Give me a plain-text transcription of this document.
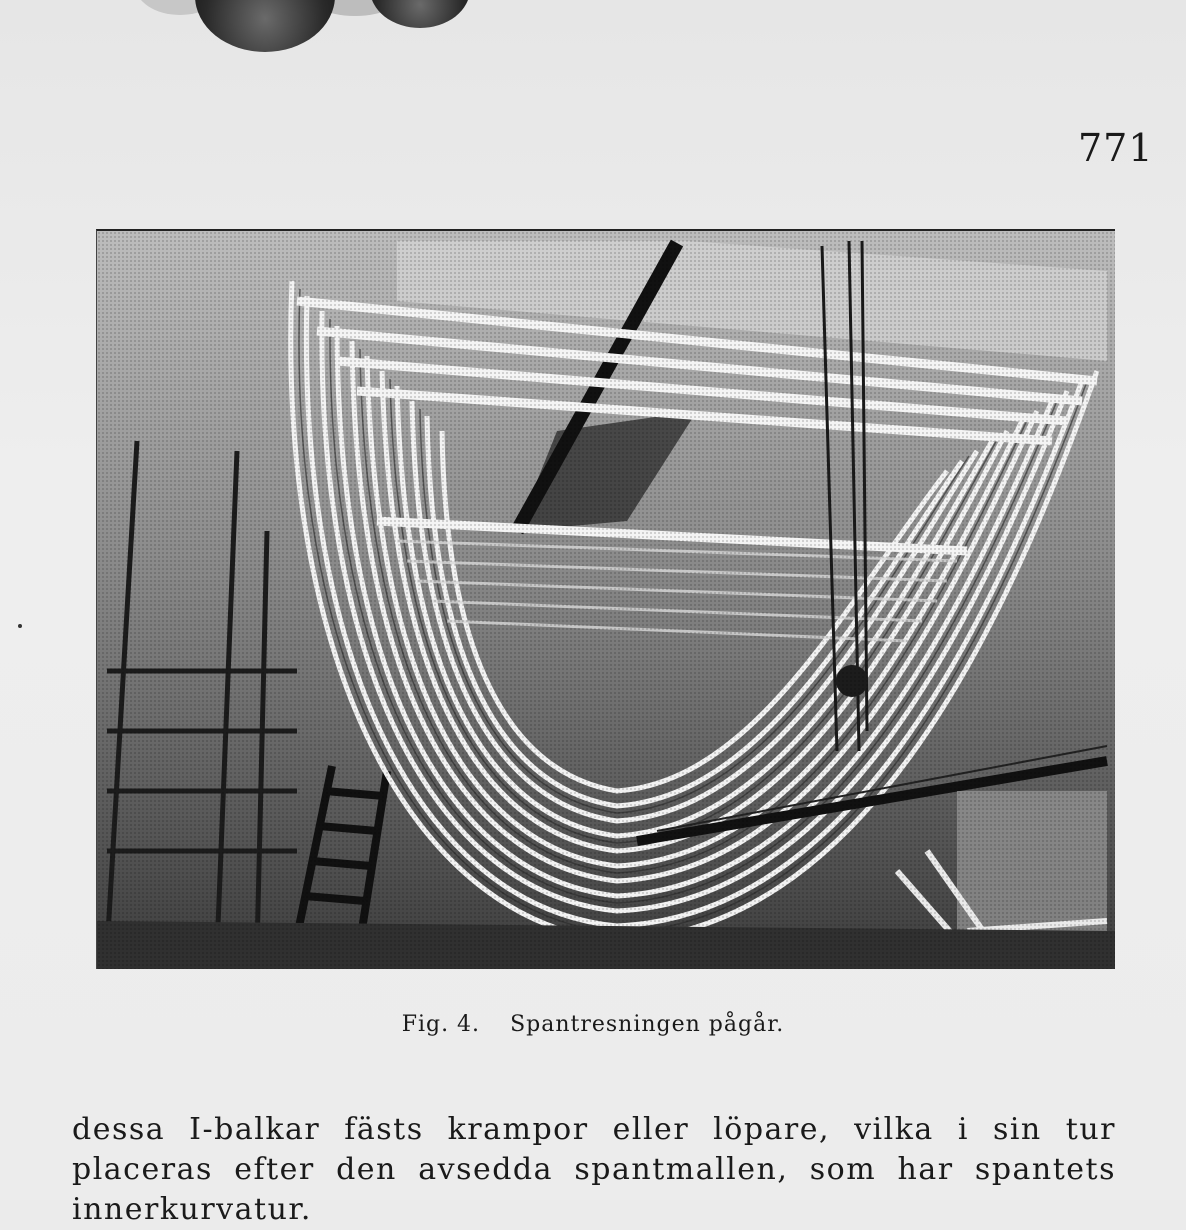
771
Fig. 4. Spantresningen pågår.
dessa I-balkar fästs krampor eller löpare, vilka i sin tur placeras efter den avsedda spantmallen, som har spantets innerkurvatur.
